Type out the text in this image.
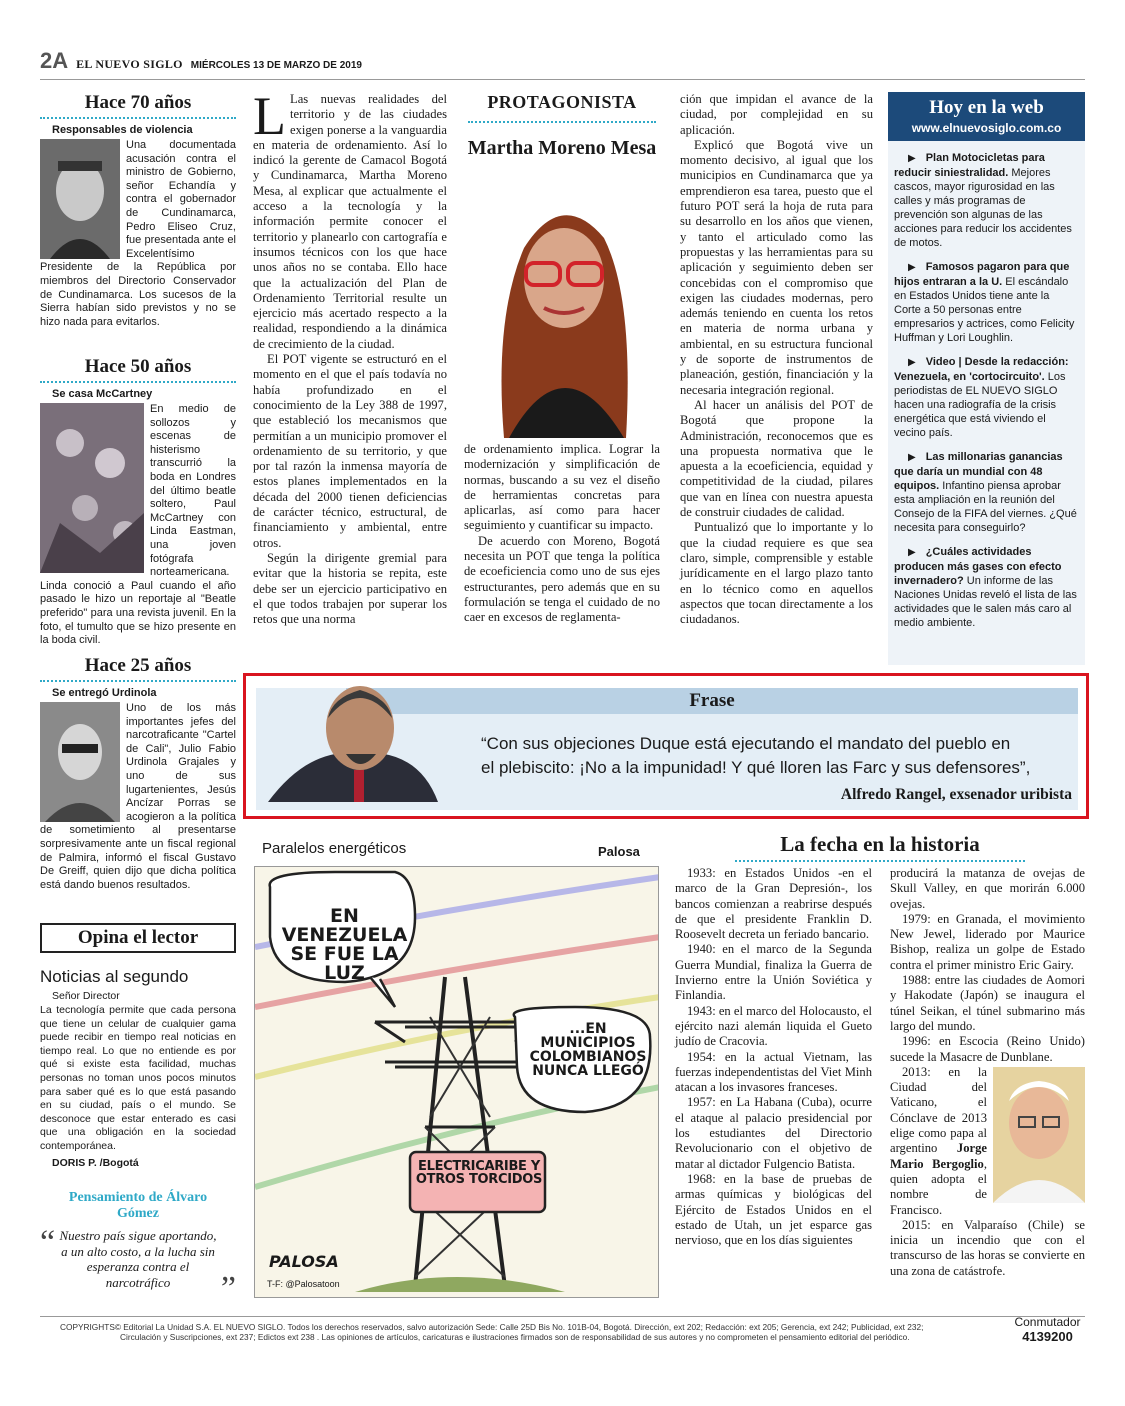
2A EL NUEVO SIGLO MIÉRCOLES 13 DE MARZO DE 2019
Hace 70 años
Responsables de violencia

Una documentada acusación contra el ministro de Gobierno, señor Echandía y contra el gobernador de Cundinamarca, Pedro Eliseo Cruz, fue presentada ante el Excelentísimo Presidente de la República por miembros del Directorio Conservador de Cundinamarca. Los sucesos de la Sierra habían sido previstos y no se hizo nada para evitarlos.

Hace 50 años
Se casa McCartney

En medio de sollozos y escenas de histerismo transcurrió la boda en Londres del último beatle soltero, Paul McCartney con Linda Eastman, una joven fotógrafa norteamericana. Linda conoció a Paul cuando el año pasado le hizo un reportaje al "Beatle preferido" para una revista juvenil. En la foto, el tumulto que se hizo presente en la boda civil.

Hace 25 años
Se entregó Urdinola

Uno de los más importantes jefes del narcotraficante "Cartel de Cali", Julio Fabio Urdinola Grajales y uno de sus lugartenientes, Jesús Ancízar Porras se acogieron a la política de sometimiento al presentarse sorpresivamente ante un fiscal regional de Palmira, informó el fiscal Gustavo De Greiff, quien dijo que dicha política está dando buenos resultados.

Opina el lector
Noticias al segundo
Señor Director

La tecnología permite que cada persona que tiene un celular de cualquier gama puede recibir en tiempo real noticias en tiempo real. Lo que no entiende es por qué si existe esta facilidad, muchas personas no toman unos pocos minutos para saber qué es lo que está pasando en su ciudad, país o el mundo. Se desconoce que estar enterado es casi que una obligación en la sociedad contemporánea.

DORIS P. /Bogotá
Pensamiento de Álvaro Gómez
“ Nuestro país sigue aportando, a un alto costo, a la lucha sin esperanza contra el narcotráfico	”

L Las nuevas realidades del territorio y de las ciudades exigen ponerse a la vanguardia en materia de ordenamiento. Así lo indicó la gerente de Camacol Bogotá y Cundinamarca, Martha Moreno Mesa, al explicar que actualmente el acceso a la tecnología y la información permite conocer el territorio y planearlo con cartografía e insumos técnicos con los que hace unos años no se contaba. Ello hace que la actualización del Plan de Ordenamiento Territorial resulte un ejercicio más acertado respecto a la realidad, respondiendo a la dinámica de crecimiento de la ciudad.

El POT vigente se estructuró en el momento en el que el país todavía no había profundizado en el conocimiento de la Ley 388 de 1997, que estableció los mecanismos que permitían a un municipio promover el ordenamiento de su territorio, y que por tal razón la inmensa mayoría de estos planes implementados en la década del 2000 tienen deficiencias de carácter técnico, estructural, de financiamiento y ambiental, entre otros.

Según la dirigente gremial para evitar que la historia se repita, este debe ser un ejercicio participativo en el que todos trabajen por superar los retos que una norma

PROTAGONISTA
Martha Moreno Mesa

de ordenamiento implica. Lograr la modernización y simplificación de normas, buscando a su vez el diseño de herramientas concretas para aplicarlas, así como para hacer seguimiento y cuantificar su impacto.

De acuerdo con Moreno, Bogotá necesita un POT que tenga la política de ecoeficiencia como uno de sus ejes estructurantes, pero además que en su formulación se tenga el cuidado de no caer en excesos de reglamenta-

ción que impidan el avance de la ciudad, por complejidad en su aplicación.

Explicó que Bogotá vive un momento decisivo, al igual que los municipios en Cundinamarca que ya emprendieron esa tarea, puesto que el futuro POT será la hoja de ruta para su desarrollo en los años que vienen, y tanto el articulado como las propuestas y las herramientas para su aplicación y seguimiento deben ser concebidas con el compromiso que exigen las ciudades modernas, pero además teniendo en cuenta los retos en materia de norma urbana y ambiental, en su estructura funcional y de soporte de instrumentos de planeación, gestión, financiación y la necesaria integración regional.

Al hacer un análisis del POT de Bogotá que propone la Administración, reconocemos que es una propuesta normativa que le apuesta a la ecoeficiencia, equidad y competitividad de la ciudad, pilares que van en línea con nuestra apuesta de construir ciudades de calidad.

Puntualizó que lo importante y lo que la ciudad requiere es que sea claro, simple, comprensible y estable jurídicamente en el largo plazo tanto en lo técnico como en aquellos aspectos que tocan directamente a los ciudadanos.

Hoy en la web
www.elnuevosiglo.com.co
▶ Plan Motocicletas para reducir siniestralidad. Mejores cascos, mayor rigurosidad en las calles y más programas de prevención son algunas de las acciones para reducir los accidentes de motos.
▶ Famosos pagaron para que hijos entraran a la U. El escándalo en Estados Unidos tiene ante la Corte a 50 personas entre empresarios y actrices, como Felicity Huffman y Lori Loughlin.
▶ Video | Desde la redacción: Venezuela, en 'cortocircuito'. Los periodistas de EL NUEVO SIGLO hacen una radiografía de la crisis energética que está viviendo el vecino país.
▶ Las millonarias ganancias que daría un mundial con 48 equipos. Infantino piensa aprobar esta ampliación en la reunión del Consejo de la FIFA del viernes. ¿Qué necesita para conseguirlo?
▶ ¿Cuáles actividades producen más gases con efecto invernadero? Un informe de las Naciones Unidas reveló el lista de las actividades que le salen más caro al medio ambiente.
Frase
“Con sus objeciones Duque está ejecutando el mandato del pueblo en
el plebiscito: ¡No a la impunidad! Y qué lloren las Farc y sus defensores”,
Alfredo Rangel, exsenador uribista
Paralelos energéticos	Palosa
EN VENEZUELA SE FUE LA LUZ
...EN MUNICIPIOS COLOMBIANOS NUNCA LLEGÓ
ELECTRICARIBE Y OTROS TORCIDOS
PALOSA
T-F: @Palosatoon
La fecha en la historia

1933: en Estados Unidos -en el marco de la Gran Depresión-, los bancos comienzan a reabrirse después de que el presidente Franklin D. Roosevelt decreta un feriado bancario.

1940: en el marco de la Segunda Guerra Mundial, finaliza la Guerra de Invierno entre la Unión Soviética y Finlandia.

1943: en el marco del Holocausto, el ejército nazi alemán liquida el Gueto judío de Cracovia.

1954: en la actual Vietnam, las fuerzas independentistas del Viet Minh atacan a los invasores franceses.

1957: en La Habana (Cuba), ocurre el ataque al palacio presidencial por los estudiantes del Directorio Revolucionario con el objetivo de matar al dictador Fulgencio Batista.

1968: en la base de pruebas de armas químicas y biológicas del Ejército de Estados Unidos en el estado de Utah, un jet esparce gas nervioso, que en los días siguientes

producirá la matanza de ovejas de Skull Valley, en que morirán 6.000 ovejas.

1979: en Granada, el movimiento New Jewel, liderado por Maurice Bishop, realiza un golpe de Estado contra el primer ministro Eric Gairy.

1988: entre las ciudades de Aomori y Hakodate (Japón) se inaugura el túnel Seikan, el túnel submarino más largo del mundo.

1996: en Escocia (Reino Unido) sucede la Masacre de Dunblane.

2013: en la Ciudad del Vaticano, el Cónclave de 2013 elige como papa al argentino Jorge Mario Bergoglio, quien adopta el nombre de Francisco.

2015: en Valparaíso (Chile) se inicia un incendio que con el transcurso de las horas se convierte en una zona de catástrofe.

COPYRIGHTS© Editorial La Unidad S.A. EL NUEVO SIGLO. Todos los derechos reservados, salvo autorización Sede: Calle 25D Bis No. 101B-04, Bogotá. Dirección, ext 202; Redacción: ext 205; Gerencia, ext 242; Publicidad, ext 232;
Circulación y Suscripciones, ext 237; Edictos ext 238 . Las opiniones de artículos, caricaturas e ilustraciones firmados son de responsabilidad de sus autores y no comprometen el pensamiento editorial del periódico.
Conmutador
4139200
